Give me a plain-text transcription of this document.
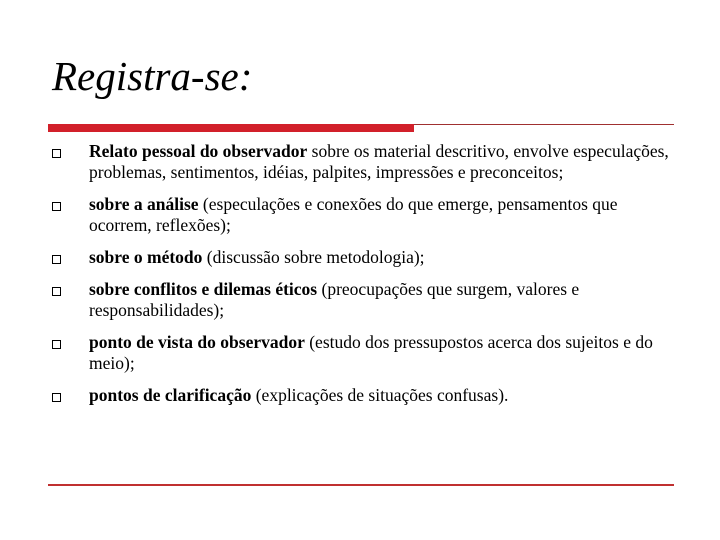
Registra-se:
Relato pessoal do observador sobre os material descritivo, envolve especulações, problemas, sentimentos, idéias, palpites, impressões e preconceitos;
sobre a análise (especulações e conexões do que emerge, pensamentos que ocorrem, reflexões);
sobre o método (discussão sobre metodologia);
sobre conflitos e dilemas éticos (preocupações que surgem, valores e responsabilidades);
ponto de vista do observador (estudo dos pressupostos acerca dos sujeitos e do meio);
pontos de clarificação (explicações de situações confusas).
